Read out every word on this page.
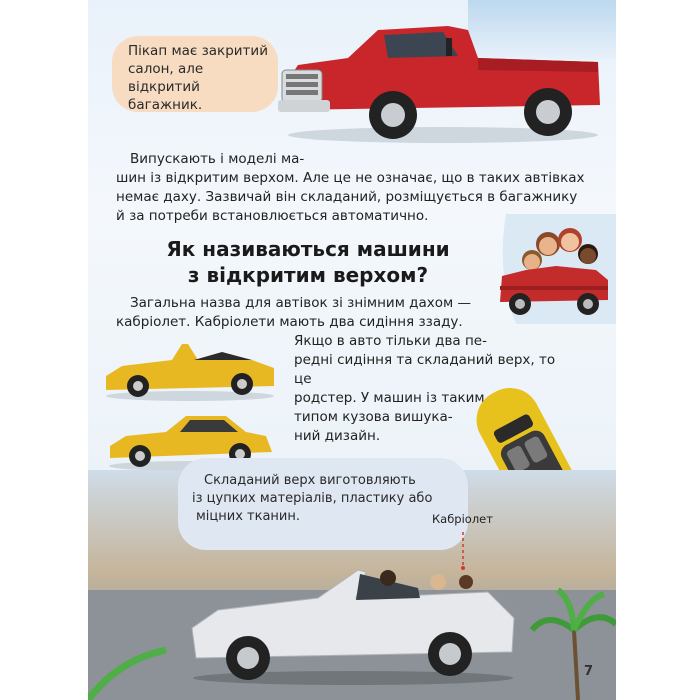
Пікап має закритий
салон, але відкритий
багажник.
Випускають і моделі ма-
шин із відкритим верхом. Але це не означає, що в таких автівках
немає даху. Зазвичай він складаний, розміщується в багажнику
й за потреби встановлюється автоматично.
Як називаються машини
з відкритим верхом?
Загальна назва для автівок зі знімним дахом —
кабріолет. Кабріолети мають два сидіння ззаду.
Якщо в авто тільки два пе-
редні сидіння та складаний верх, то це
родстер. У машин із таким
типом кузова вишука-
ний дизайн.
Складаний верх виготовляють
із цупких матеріалів, пластику або
міцних тканин.	Кабріолет
7
